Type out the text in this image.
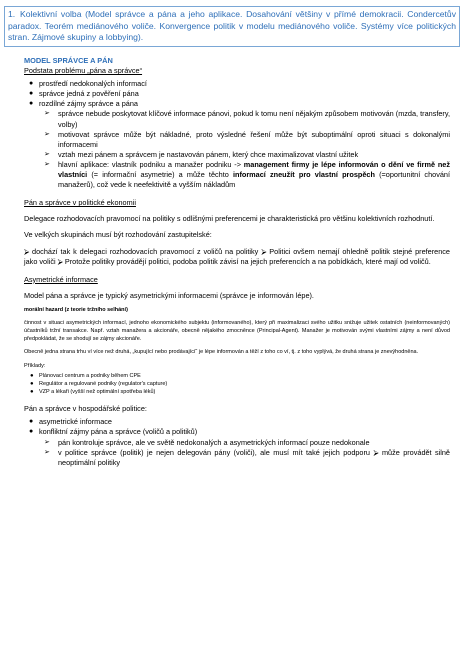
1. Kolektivní volba (Model správce a pána a jeho aplikace. Dosahování většiny v přímé demokracii. Condercetův paradox. Teorém mediánového voliče. Konvergence politik v modelu mediánového voliče. Systémy více politických stran. Zájmové skupiny a lobbying).

MODEL SPRÁVCE A PÁN

Podstata problému „pána a správce“

● prostředí nedokonalých informací
● správce jedná z pověření pána
● rozdílné zájmy správce a pána
➢ správce nebude poskytovat klíčové informace pánovi, pokud k tomu není nějakým způsobem motivován (mzda, transfery, volby)
➢ motivovat správce může být nákladné, proto výsledné řešení může být suboptimální oproti situaci s dokonalými informacemi
➢ vztah mezi pánem a správcem je nastavován pánem, který chce maximalizovat vlastní užitek
➢ hlavní aplikace: vlastník podniku a manažer podniku -> management firmy je lépe informován o dění ve firmě než vlastníci (= informační asymetrie) a může těchto informací zneužít pro vlastní prospěch (=oportunitní chování manažerů), což vede k neefektivitě a vyšším nákladům

Pán a správce v politické ekonomii

Delegace rozhodovacích pravomocí na politiky s odlišnými preferencemi je charakteristická pro většinu kolektivních rozhodnutí.

Ve velkých skupinách musí být rozhodování zastupitelské:

⮚ dochází tak k delegaci rozhodovacích pravomocí z voličů na politiky ⮚ Politici ovšem nemají ohledně politik stejné preference jako voliči ⮚ Protože politiky provádějí politici, podoba politik závisí na jejich preferencích a na pobídkách, které mají od voličů.

Asymetrické informace

Model pána a správce je typický asymetrickými informacemi (správce je informován lépe).

morální hazard (z teorie tržního selhání)

činnost v situaci asymetrických informací, jednoho ekonomického subjektu (informovaného), který při maximalizaci svého užitku snižuje užitek ostatních (neinformovaných) účastníků tržní transakce. Např. vztah manažera a akcionáře, obecně nějakého zmocněnce (Principal-Agent). Manažer je motivován svými vlastními zájmy a není důvod předpokládat, že se shodují se zájmy akcionáře.

Obecně jedna strana trhu ví více než druhá, „kupující nebo prodávající“ je lépe informován a těží z toho co ví, tj. z toho vyplývá, že druhá strana je znevýhodněna.

Příklady:

● Plánovací centrum a podniky během CPE
● Regulátor a regulované podniky (regulator's capture)
● VZP a lékaři (vyšší než optimální spotřeba léků)

Pán a správce v hospodářské politice:

● asymetrické informace
● konfliktní zájmy pána a správce (voličů a politiků)
➢ pán kontroluje správce, ale ve světě nedokonalých a asymetrických informací pouze nedokonale
➢ v politice správce (politik) je nejen delegován pány (voliči), ale musí mít také jejich podporu ⮚ může provádět silně neoptimální politiky
